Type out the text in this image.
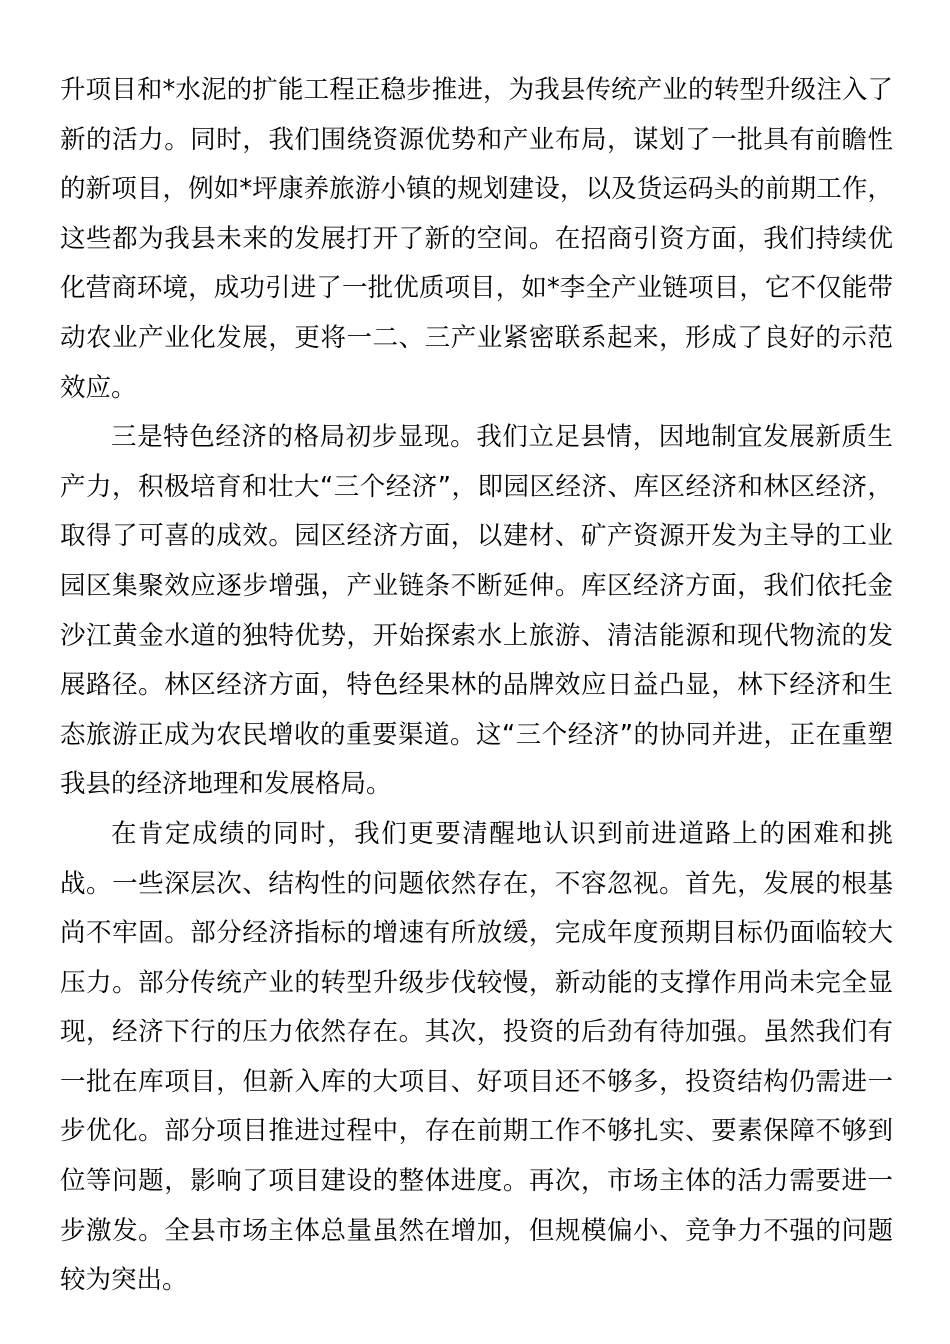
升项目和*水泥的扩能工程正稳步推进，为我县传统产业的转型升级注入了新的活力。同时，我们围绕资源优势和产业布局，谋划了一批具有前瞻性的新项目，例如*坪康养旅游小镇的规划建设，以及货运码头的前期工作，这些都为我县未来的发展打开了新的空间。在招商引资方面，我们持续优化营商环境，成功引进了一批优质项目，如*李全产业链项目，它不仅能带动农业产业化发展，更将一二、三产业紧密联系起来，形成了良好的示范效应。

三是特色经济的格局初步显现。我们立足县情，因地制宜发展新质生产力，积极培育和壮大“三个经济”，即园区经济、库区经济和林区经济，取得了可喜的成效。园区经济方面，以建材、矿产资源开发为主导的工业园区集聚效应逐步增强，产业链条不断延伸。库区经济方面，我们依托金沙江黄金水道的独特优势，开始探索水上旅游、清洁能源和现代物流的发展路径。林区经济方面，特色经果林的品牌效应日益凸显，林下经济和生态旅游正成为农民增收的重要渠道。这“三个经济”的协同并进，正在重塑我县的经济地理和发展格局。

在肯定成绩的同时，我们更要清醒地认识到前进道路上的困难和挑战。一些深层次、结构性的问题依然存在，不容忽视。首先，发展的根基尚不牢固。部分经济指标的增速有所放缓，完成年度预期目标仍面临较大压力。部分传统产业的转型升级步伐较慢，新动能的支撑作用尚未完全显现，经济下行的压力依然存在。其次，投资的后劲有待加强。虽然我们有一批在库项目，但新入库的大项目、好项目还不够多，投资结构仍需进一步优化。部分项目推进过程中，存在前期工作不够扎实、要素保障不够到位等问题，影响了项目建设的整体进度。再次，市场主体的活力需要进一步激发。全县市场主体总量虽然在增加，但规模偏小、竞争力不强的问题较为突出。
